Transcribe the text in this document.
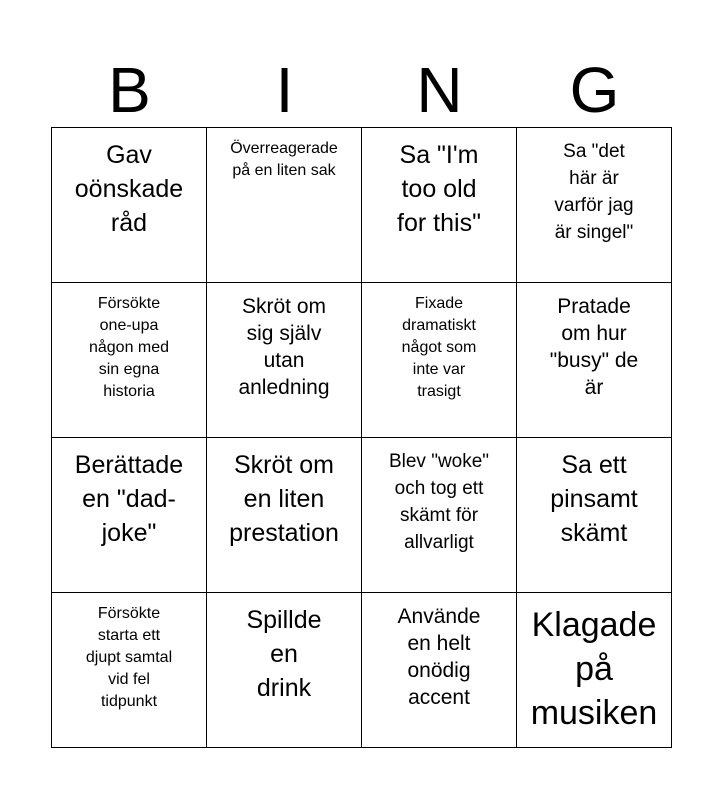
B	I	N	G
Gav
oönskade
råd
Överreagerade
på en liten sak
Sa "I'm
too old
for this"
Sa "det
här är
varför jag
är singel"
Försökte
one-upa
någon med
sin egna
historia
Skröt om
sig själv
utan
anledning
Fixade
dramatiskt
något som
inte var
trasigt
Pratade
om hur
"busy" de
är
Berättade
en "dad-
joke"
Skröt om
en liten
prestation
Blev "woke"
och tog ett
skämt för
allvarligt
Sa ett
pinsamt
skämt
Försökte
starta ett
djupt samtal
vid fel
tidpunkt
Spillde
en
drink
Använde
en helt
onödig
accent
Klagade
på
musiken
